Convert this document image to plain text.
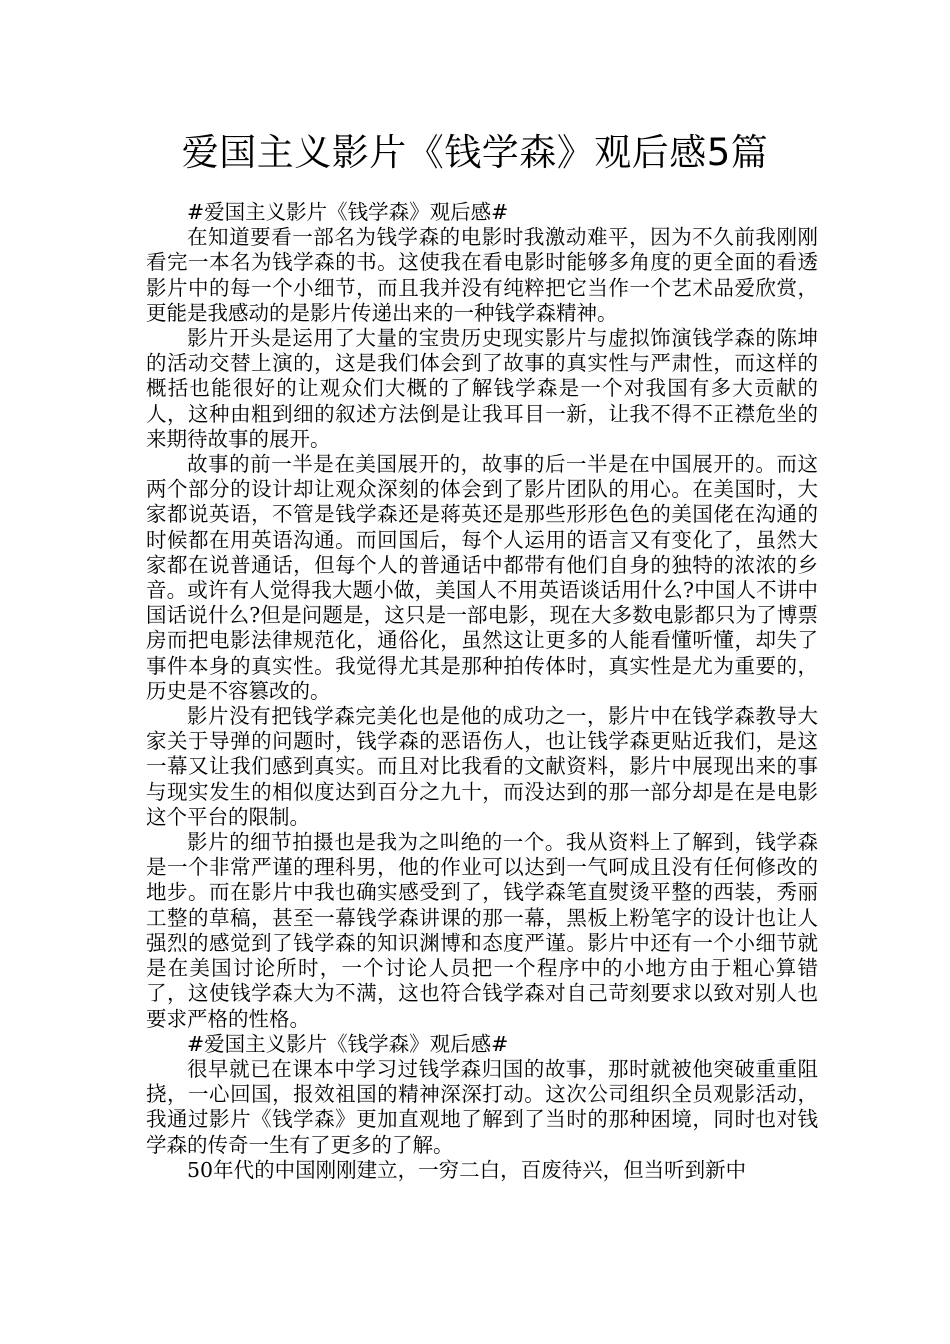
爱国主义影片《钱学森》观后感5篇

#爱国主义影片《钱学森》观后感#

在知道要看一部名为钱学森的电影时我激动难平，因为不久前我刚刚看完一本名为钱学森的书。这使我在看电影时能够多角度的更全面的看透影片中的每一个小细节，而且我并没有纯粹把它当作一个艺术品爱欣赏，更能是我感动的是影片传递出来的一种钱学森精神。

影片开头是运用了大量的宝贵历史现实影片与虚拟饰演钱学森的陈坤的活动交替上演的，这是我们体会到了故事的真实性与严肃性，而这样的概括也能很好的让观众们大概的了解钱学森是一个对我国有多大贡献的人，这种由粗到细的叙述方法倒是让我耳目一新，让我不得不正襟危坐的来期待故事的展开。

故事的前一半是在美国展开的，故事的后一半是在中国展开的。而这两个部分的设计却让观众深刻的体会到了影片团队的用心。在美国时，大家都说英语，不管是钱学森还是蒋英还是那些形形色色的美国佬在沟通的时候都在用英语沟通。而回国后，每个人运用的语言又有变化了，虽然大家都在说普通话，但每个人的普通话中都带有他们自身的独特的浓浓的乡音。或许有人觉得我大题小做，美国人不用英语谈话用什么?中国人不讲中国话说什么?但是问题是，这只是一部电影，现在大多数电影都只为了博票房而把电影法律规范化，通俗化，虽然这让更多的人能看懂听懂，却失了事件本身的真实性。我觉得尤其是那种拍传体时，真实性是尤为重要的，历史是不容篡改的。

影片没有把钱学森完美化也是他的成功之一，影片中在钱学森教导大家关于导弹的问题时，钱学森的恶语伤人，也让钱学森更贴近我们，是这一幕又让我们感到真实。而且对比我看的文献资料，影片中展现出来的事与现实发生的相似度达到百分之九十，而没达到的那一部分却是在是电影这个平台的限制。

影片的细节拍摄也是我为之叫绝的一个。我从资料上了解到，钱学森是一个非常严谨的理科男，他的作业可以达到一气呵成且没有任何修改的地步。而在影片中我也确实感受到了，钱学森笔直熨烫平整的西装，秀丽工整的草稿，甚至一幕钱学森讲课的那一幕，黑板上粉笔字的设计也让人强烈的感觉到了钱学森的知识渊博和态度严谨。影片中还有一个小细节就是在美国讨论所时，一个讨论人员把一个程序中的小地方由于粗心算错了，这使钱学森大为不满，这也符合钱学森对自己苛刻要求以致对别人也要求严格的性格。

#爱国主义影片《钱学森》观后感#

很早就已在课本中学习过钱学森归国的故事，那时就被他突破重重阻挠，一心回国，报效祖国的精神深深打动。这次公司组织全员观影活动，我通过影片《钱学森》更加直观地了解到了当时的那种困境，同时也对钱学森的传奇一生有了更多的了解。

50年代的中国刚刚建立，一穷二白，百废待兴，但当听到新中
